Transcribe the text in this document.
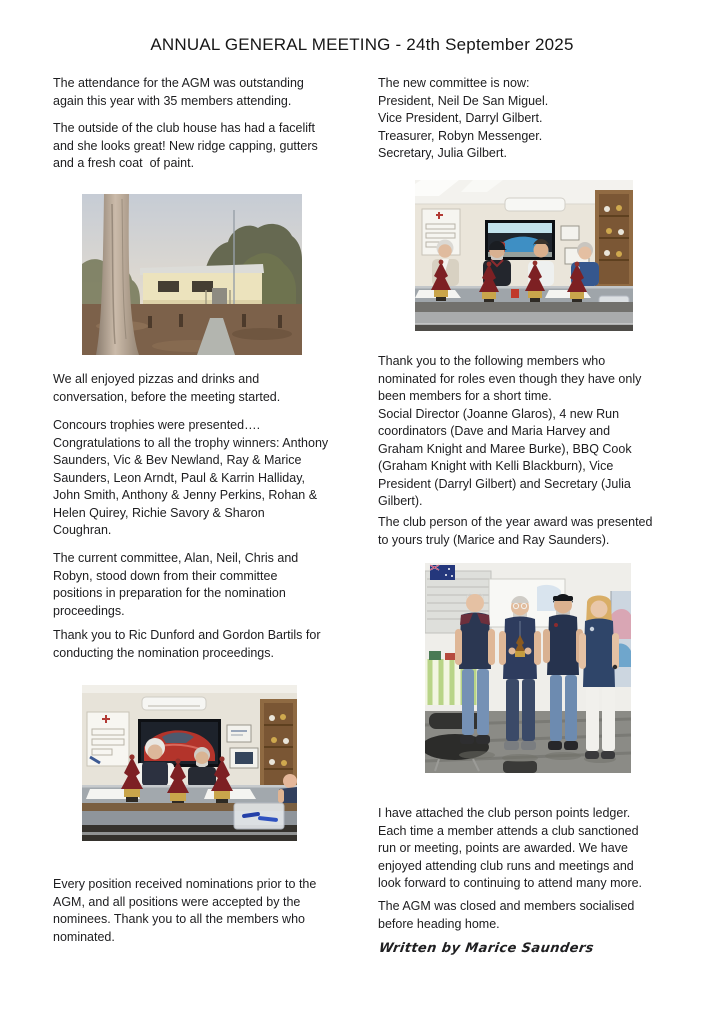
ANNUAL GENERAL MEETING - 24th September 2025

The attendance for the AGM was outstanding
again this year with 35 members attending.

The outside of the club house has had a facelift
and she looks great! New ridge capping, gutters
and a fresh coat  of paint.

We all enjoyed pizzas and drinks and
conversation, before the meeting started.

Concours trophies were presented….
Congratulations to all the trophy winners: Anthony
Saunders, Vic & Bev Newland, Ray & Marice
Saunders, Leon Arndt, Paul & Karrin Halliday,
John Smith, Anthony & Jenny Perkins, Rohan &
Helen Quirey, Richie Savory & Sharon
Coughran.

The current committee, Alan, Neil, Chris and
Robyn, stood down from their committee
positions in preparation for the nomination
proceedings.

Thank you to Ric Dunford and Gordon Bartils for
conducting the nomination proceedings.

Every position received nominations prior to the
AGM, and all positions were accepted by the
nominees. Thank you to all the members who
nominated.

The new committee is now:
President, Neil De San Miguel.
Vice President, Darryl Gilbert.
Treasurer, Robyn Messenger.
Secretary, Julia Gilbert.

Thank you to the following members who
nominated for roles even though they have only
been members for a short time.
Social Director (Joanne Glaros), 4 new Run
coordinators (Dave and Maria Harvey and
Graham Knight and Maree Burke), BBQ Cook
(Graham Knight with Kelli Blackburn), Vice
President (Darryl Gilbert) and Secretary (Julia
Gilbert).

The club person of the year award was presented
to yours truly (Marice and Ray Saunders).

I have attached the club person points ledger.
Each time a member attends a club sanctioned
run or meeting, points are awarded. We have
enjoyed attending club runs and meetings and
look forward to continuing to attend many more.

The AGM was closed and members socialised
before heading home.

Written by Marice Saunders
